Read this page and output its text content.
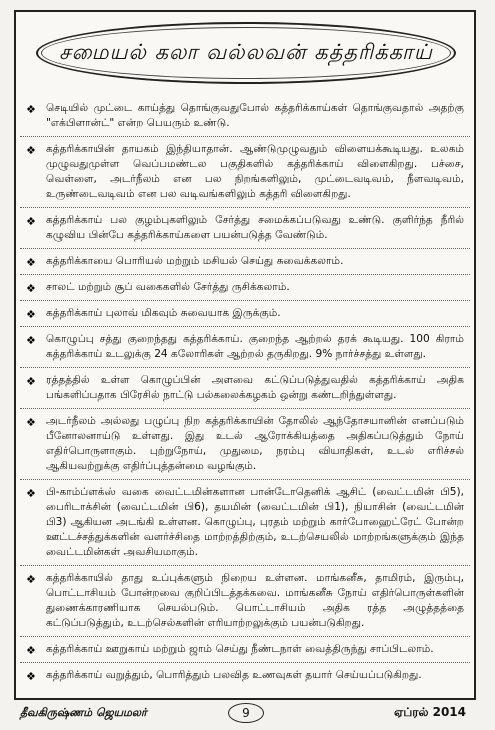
சமையல் கலா வல்லவன் கத்தரிக்காய்
❖ செடியில் முட்டை காய்த்து தொங்குவதுபோல் கத்தரிக்காய்கள் தொங்குவதால் அதற்கு "எக்பிளான்ட்" என்ற பெயரும் உண்டு.
❖ கத்தரிக்காயின் தாயகம் இந்தியாதான். ஆண்டுமுழுவதும் விளையக்கூடியது. உலகம் முழுவதுமுள்ள வெப்பமண்டல பகுதிகளில் கத்தரிக்காய் விளைகிறது. பச்சை, வெள்ளை, அடர்நீலம் என பல நிறங்களிலும், முட்டைவடிவம், நீளவடிவம், உருண்டைவடிவம் என பல வடிவங்களிலும் கத்தரி விளைகிறது.
❖ கத்தரிக்காய் பல குழம்புகளிலும் சேர்த்து சமைக்கப்படுவது உண்டு. குளிர்ந்த நீரில் கழுவிய பின்பே கத்தரிக்காய்களை பயன்படுத்த வேண்டும்.
❖ கத்தரிக்காயை பொரியல் மற்றும் மசியல் செய்து சுவைக்கலாம்.
❖ சாலட் மற்றும் சூப் வகைகளில் சேர்த்து ருசிக்கலாம்.
❖ கத்தரிக்காய் புலாவ் மிகவும் சுவையாக இருக்கும்.
❖ கொழுப்பு சத்து குறைந்தது கத்தரிக்காய். குறைந்த ஆற்றல் தரக் கூடியது. 100 கிராம் கத்தரிக்காய் உடலுக்கு 24 கலோரிகள் ஆற்றல் தருகிறது. 9% நார்ச்சத்து உள்ளது.
❖ ரத்தத்தில் உள்ள கொழுப்பின் அளவை கட்டுப்படுத்துவதில் கத்தரிக்காய் அதிக பங்களிப்பதாக பிரேசில் நாட்டு பல்கலைக்கழகம் ஒன்று கண்டறிந்துள்ளது.
❖ அடர்நீலம் அல்லது பழுப்பு நிற கத்தரிக்காயின் தோலில் ஆந்தோசயானின் எனப்படும் பீனோலனாய்டு உள்ளது. இது உடல் ஆரோக்கியத்தை அதிகப்படுத்தும் நோய் எதிர்பொருளாகும். புற்றுநோய், முதுமை, நரம்பு வியாதிகள், உடல் எரிச்சல் ஆகியவற்றுக்கு எதிர்ப்புத்தன்மை வழங்கும்.
❖ பி-காம்ப்ளக்ஸ் வகை வைட்டமின்களான பான்டோதெனிக் ஆசிட் (வைட்டமின் பி5), பைரிடாக்சின் (வைட்டமின் பி6), தயமின் (வைட்டமின் பி1), நியாசின் (வைட்டமின் பி3) ஆகியன அடங்கி உள்ளன. கொழுப்பு, புரதம் மற்றும் கார்போஹைட்ரேட் போன்ற ஊட்டச்சத்துக்களின் வளர்ச்சிதை மாற்றத்திற்கும், உடற்செயலில் மாற்றங்களுக்கும் இந்த வைட்டமின்கள் அவசியமாகும்.
❖ கத்தரிக்காயில் தாது உப்புக்களும் நிறைய உள்ளன. மாங்கனீசு, தாமிரம், இரும்பு, பொட்டாசியம் போன்றவை குறிப்பிடத்தக்கவை. மாங்கனீசு நோய் எதிர்பொருள்களின் துணைக்காரணியாக செயல்படும். பொட்டாசியம் அதிக ரத்த அழுத்தத்தை கட்டுப்படுத்தும், உடற்செல்களின் எரியாற்றலுக்கும் பயன்படுகிறது.
❖ கத்தரிக்காய் ஊறுகாய் மற்றும் ஜாம் செய்து நீண்டநாள் வைத்திருந்து சாப்பிடலாம்.
❖ கத்தரிக்காய் வறுத்தும், பொரித்தும் பலவித உணவுகள் தயார் செய்யப்படுகிறது.
தீவகிருஷ்ணம் ஜெயமலர்	9	ஏப்ரல் 2014
